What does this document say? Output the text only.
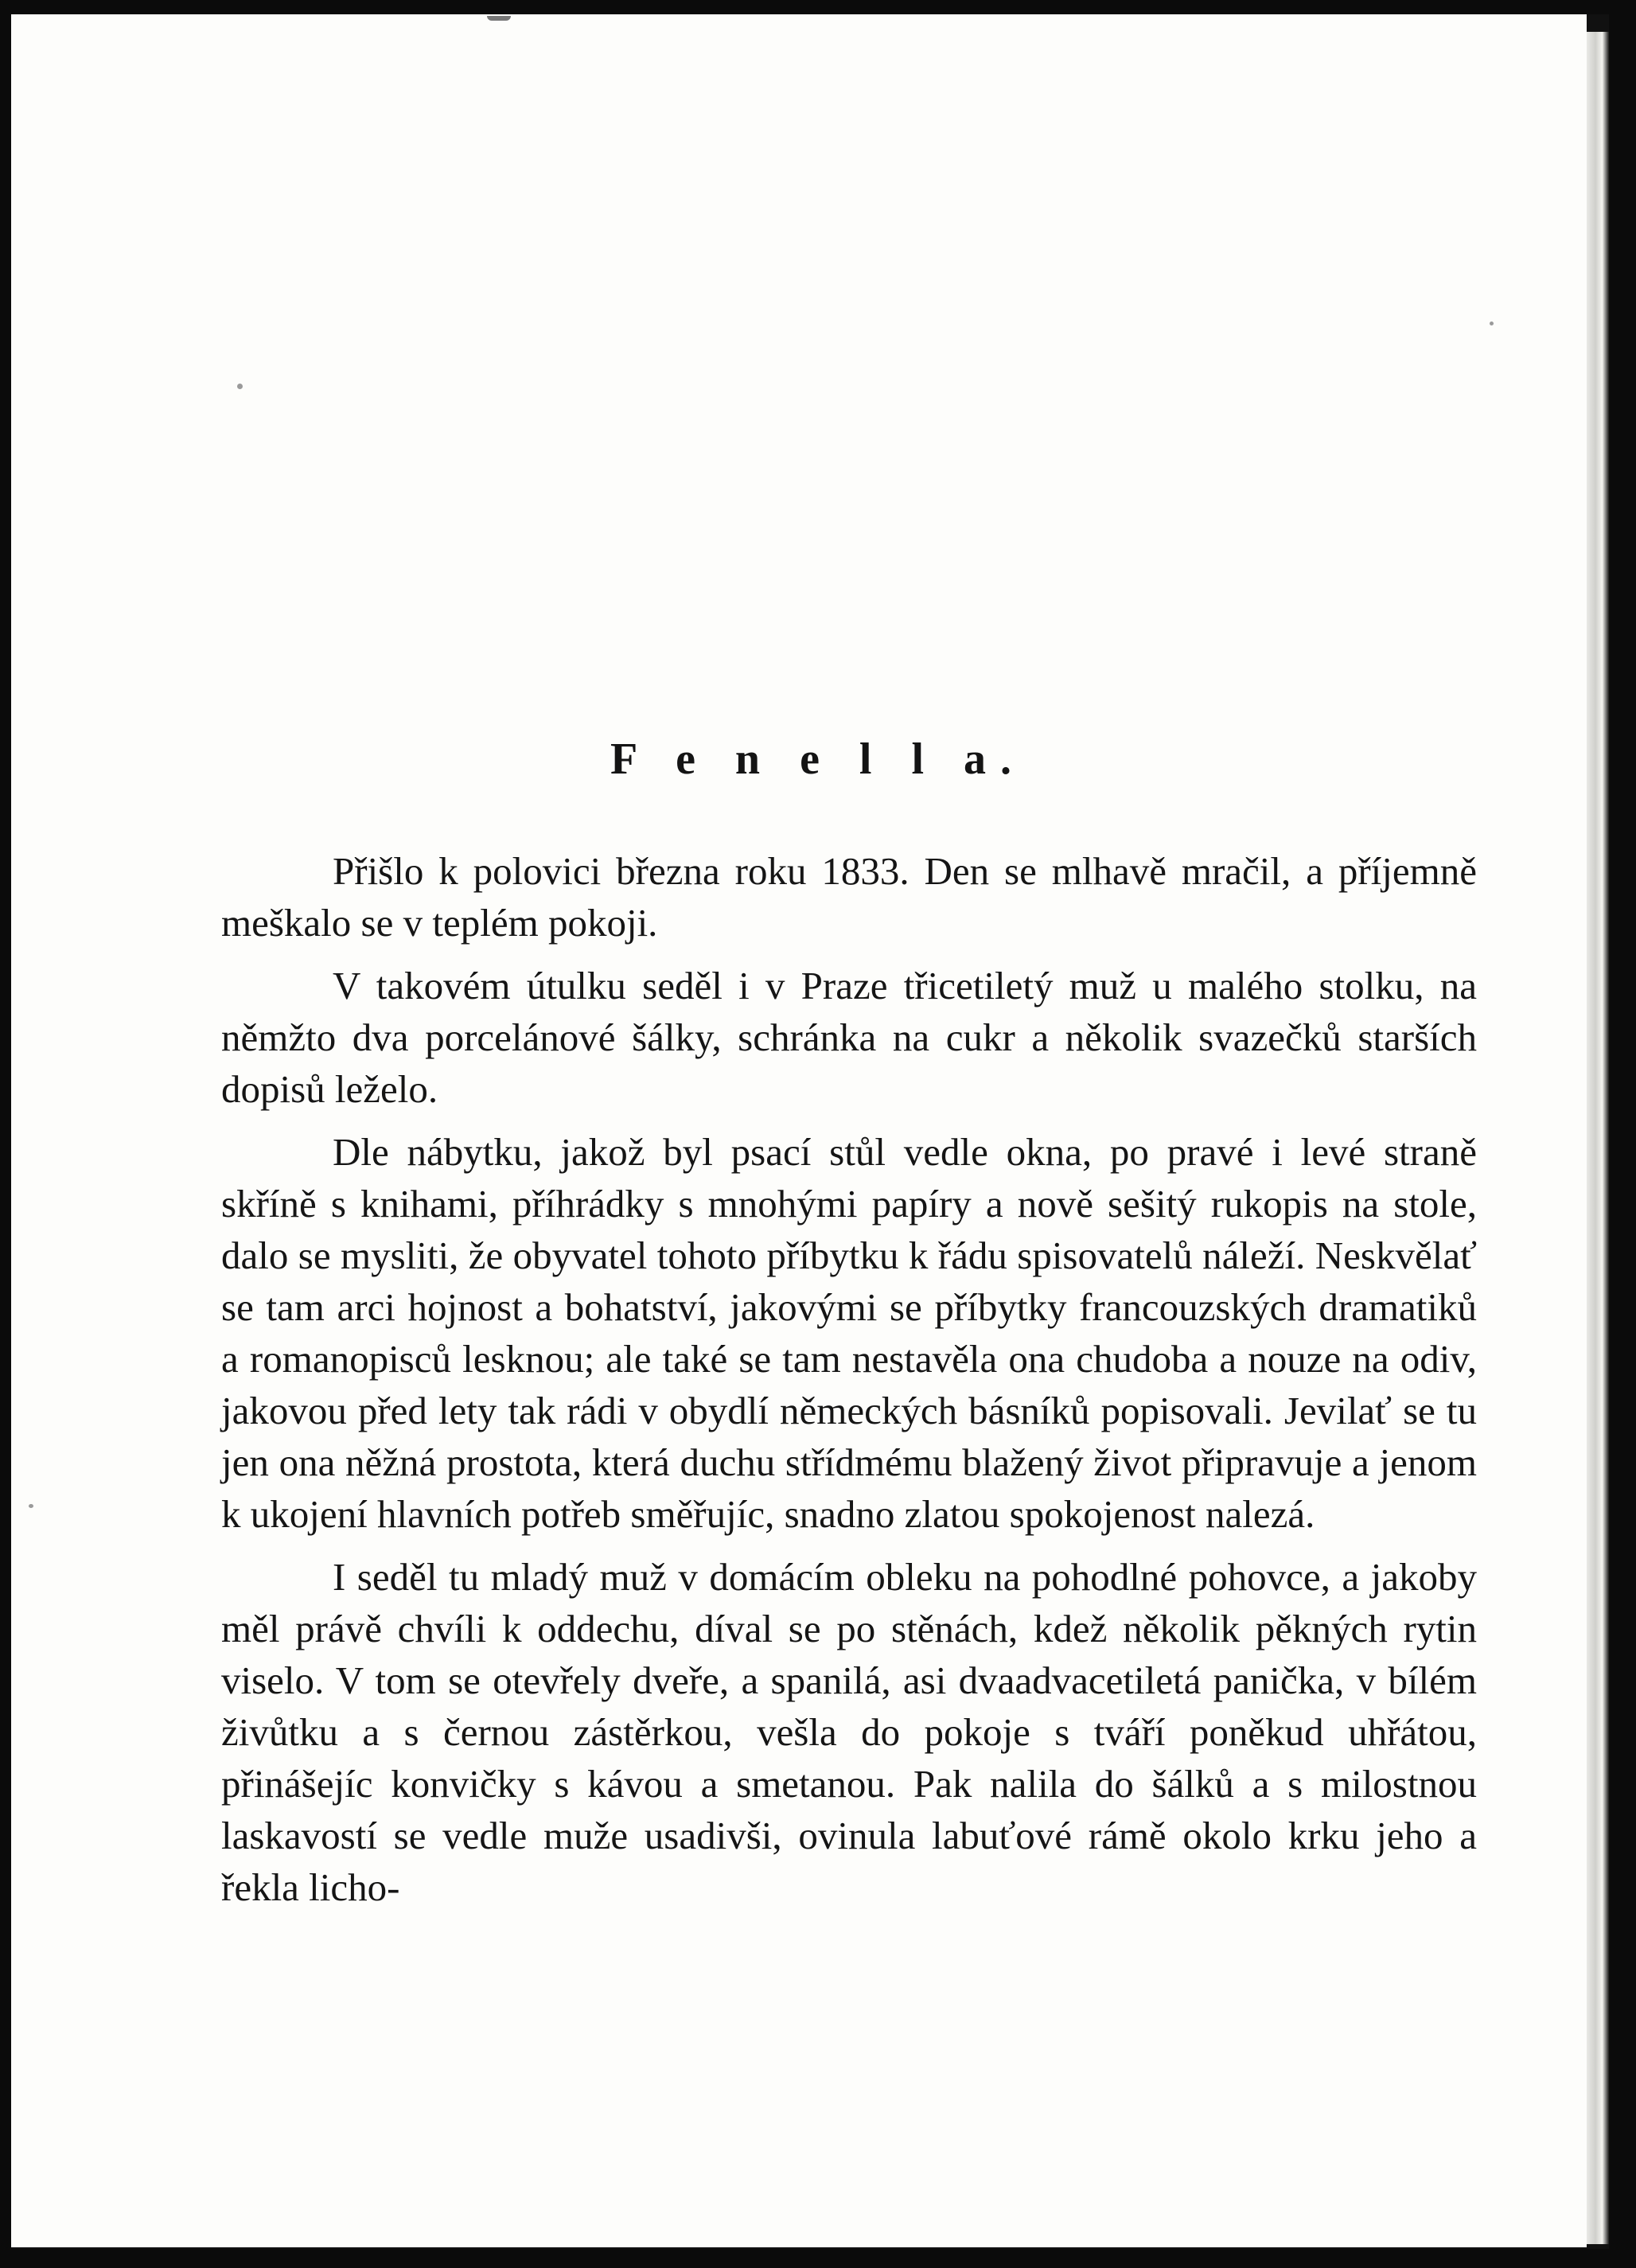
F e n e l l a.

Přišlo k polovici března roku 1833. Den se mlhavě mračil, a příjemně meškalo se v teplém pokoji.

V takovém útulku seděl i v Praze třicetiletý muž u malého stolku, na němžto dva porcelánové šálky, schránka na cukr a několik svazečků starších dopisů leželo.

Dle nábytku, jakož byl psací stůl vedle okna, po pravé i levé straně skříně s knihami, příhrádky s mnohými papíry a nově sešitý rukopis na stole, dalo se mysliti, že obyvatel tohoto příbytku k řádu spisovatelů náleží. Neskvělať se tam arci hojnost a bohatství, jakovými se příbytky francouzských dramatiků a romanopisců lesknou; ale také se tam nestavěla ona chudoba a nouze na odiv, jakovou před lety tak rádi v obydlí německých básníků popisovali. Jevilať se tu jen ona něžná prostota, která duchu střídmému blažený život připravuje a jenom k ukojení hlavních potřeb směřujíc, snadno zlatou spokojenost nalezá.

I seděl tu mladý muž v domácím obleku na pohodlné pohovce, a jakoby měl právě chvíli k oddechu, díval se po stěnách, kdež několik pěkných rytin viselo. V tom se otevřely dveře, a spanilá, asi dvaadvacetiletá panička, v bílém živůtku a s černou zástěrkou, vešla do pokoje s tváří poněkud uhřátou, přinášejíc konvičky s kávou a smetanou. Pak nalila do šálků a s milostnou laskavostí se vedle muže usadivši, ovinula labuťové rámě okolo krku jeho a řekla licho-
